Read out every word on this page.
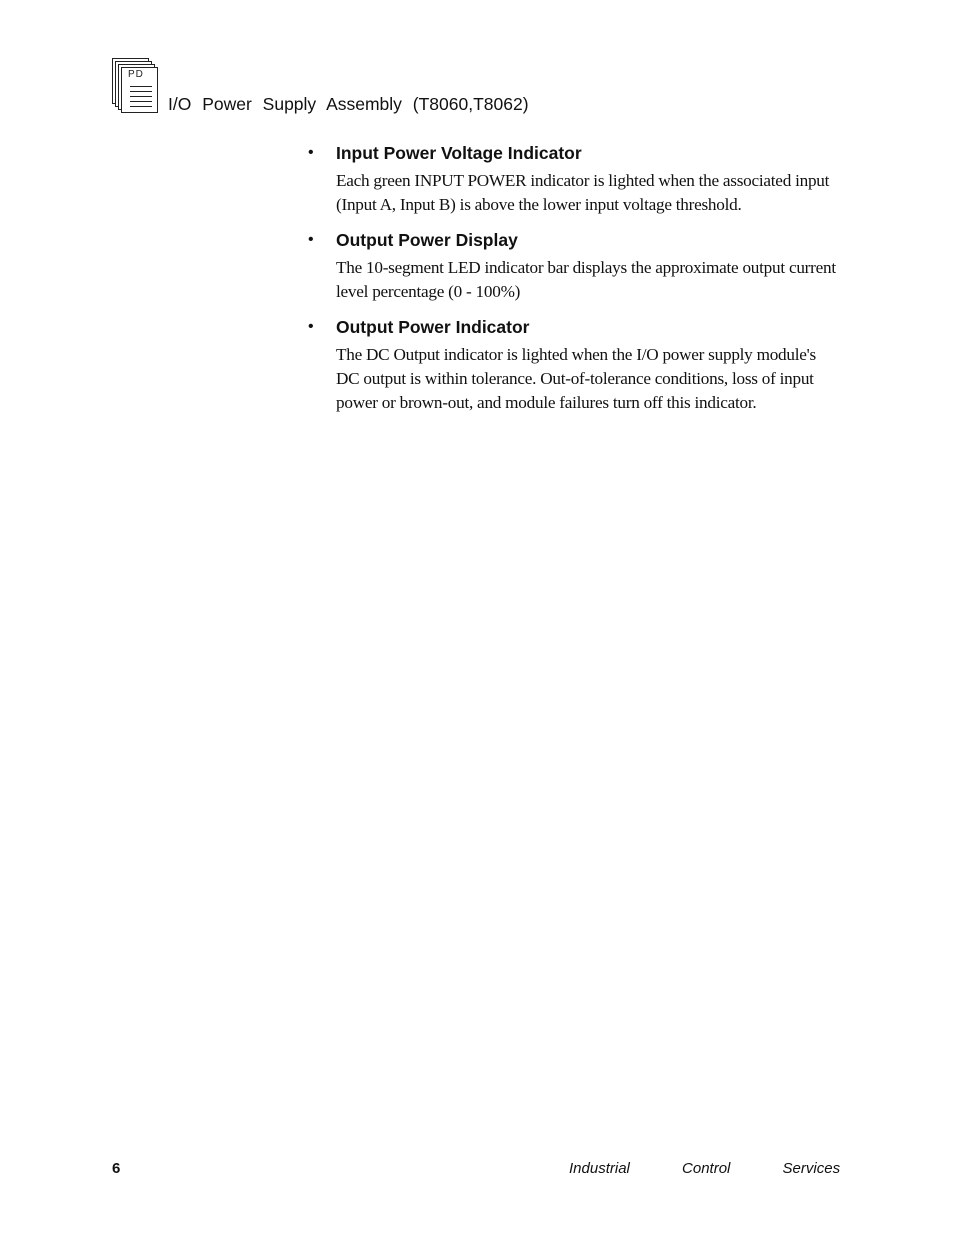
PD
I/O Power Supply Assembly (T8060,T8062)
• Input Power Voltage Indicator

Each green INPUT POWER indicator is lighted when the associated input (Input A, Input B) is above the lower input voltage threshold.

• Output Power Display

The 10-segment LED indicator bar displays the approximate output current level percentage (0 - 100%)

• Output Power Indicator

The DC Output indicator is lighted when the I/O power supply module's DC output is within tolerance. Out-of-tolerance conditions, loss of input power or brown-out, and module failures turn off this indicator.

6	Industrial Control Services
